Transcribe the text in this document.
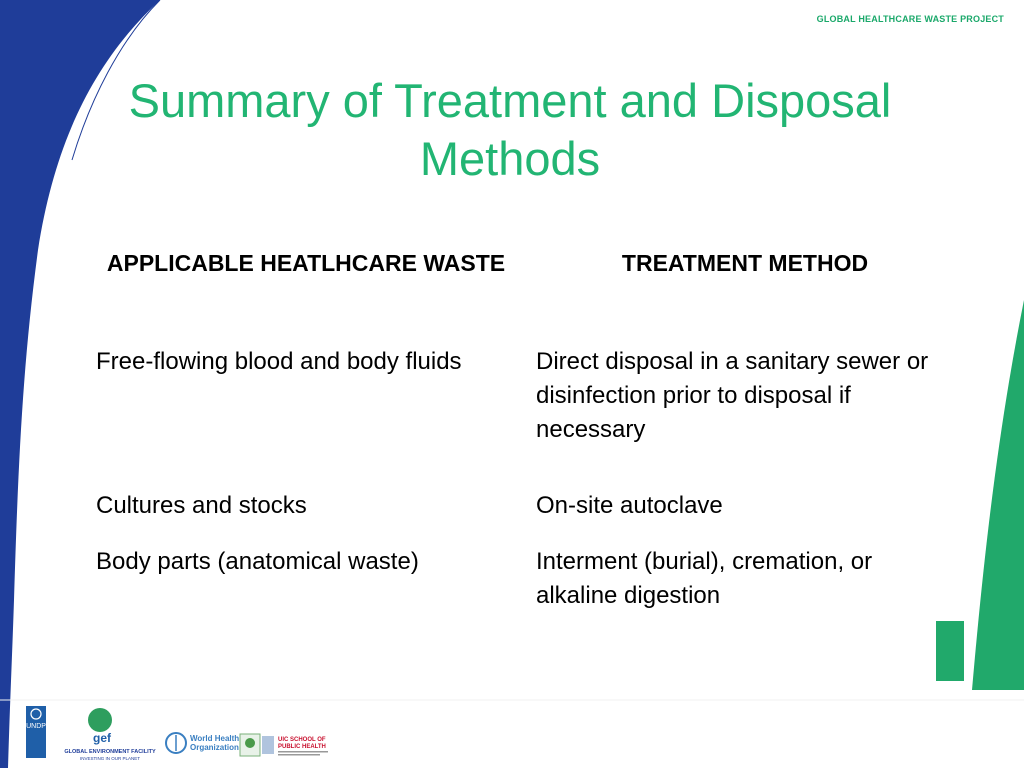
GLOBAL HEALTHCARE WASTE PROJECT
Summary of Treatment and Disposal
Methods
APPLICABLE HEATLHCARE WASTE	TREATMENT METHOD
Free-flowing blood and body fluids	Direct disposal in a sanitary sewer or disinfection prior to disposal if necessary
Cultures and stocks	On-site autoclave
Body parts (anatomical waste)	Interment (burial), cremation, or alkaline digestion
UNDP
gef
GLOBAL ENVIRONMENT FACILITY
INVESTING IN OUR PLANET
World Health
Organization
UIC SCHOOL OF
PUBLIC HEALTH
